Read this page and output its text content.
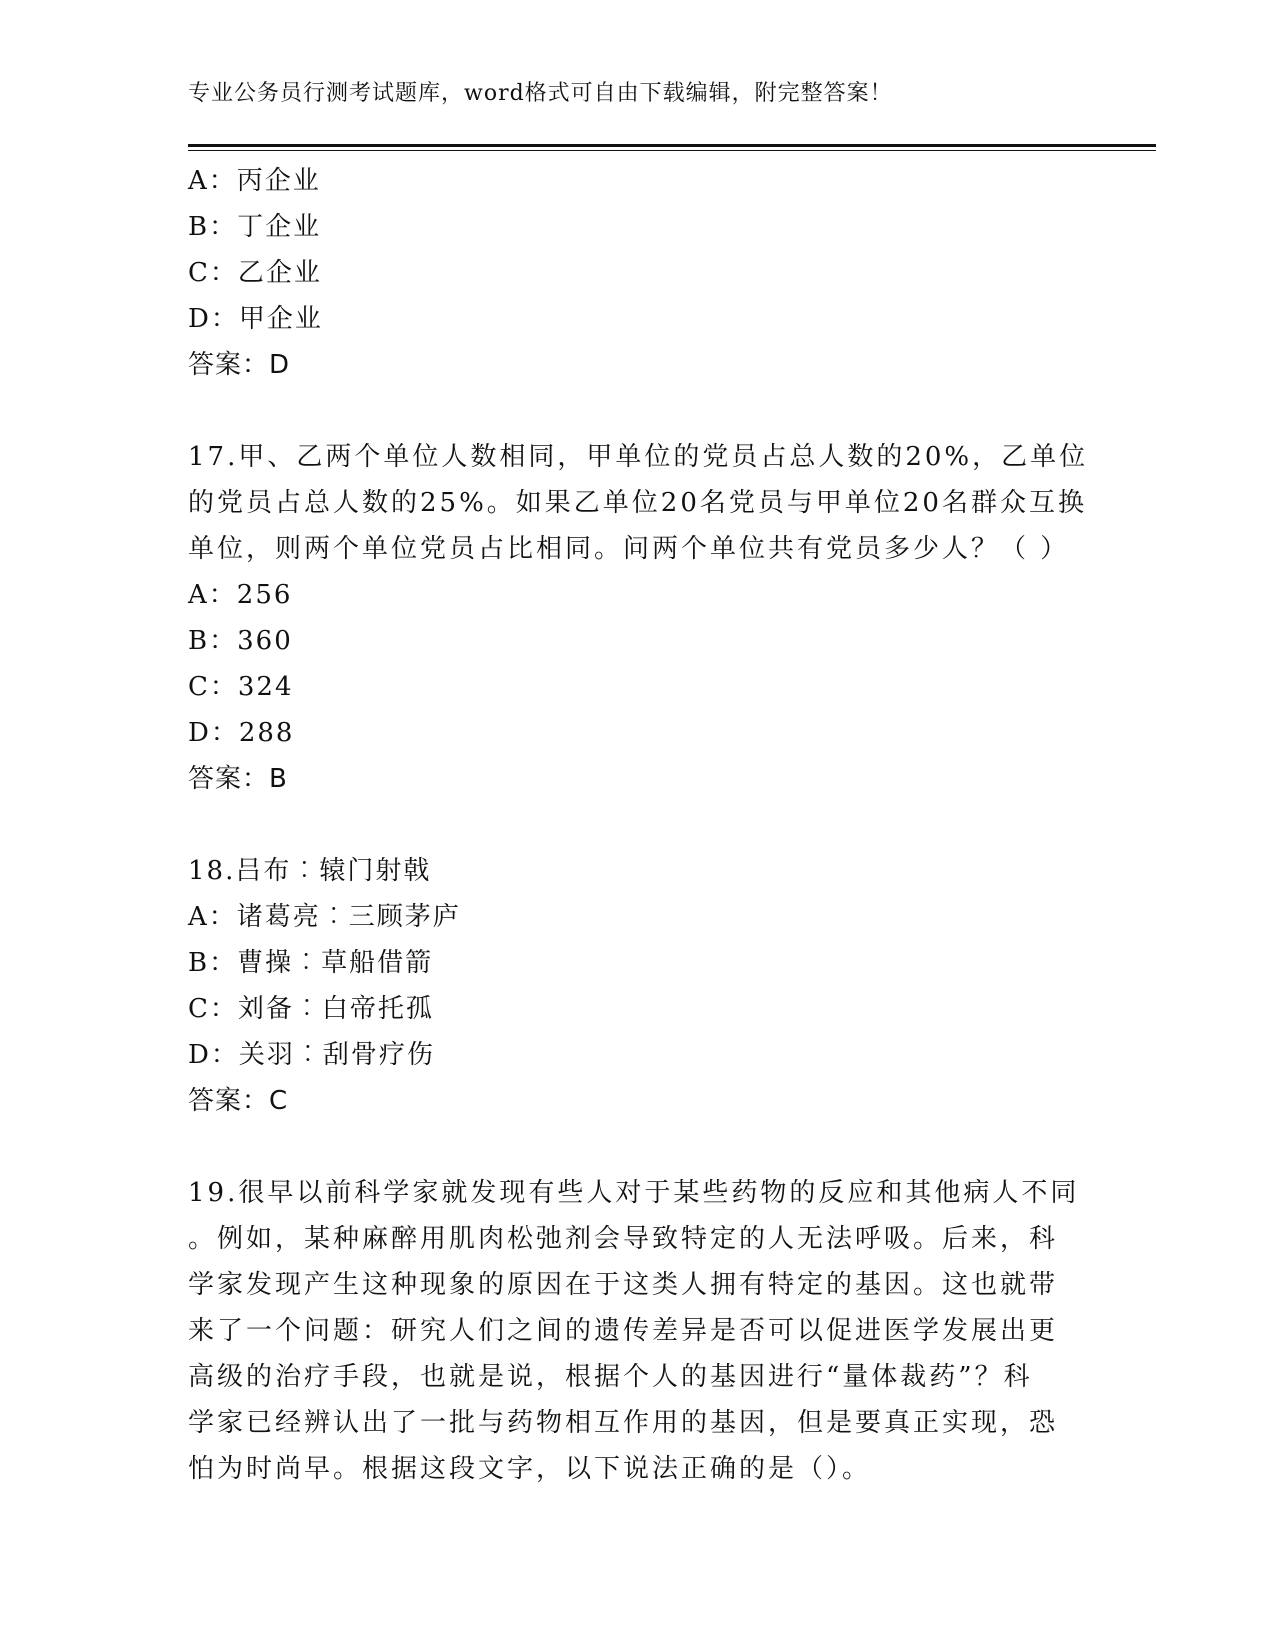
专业公务员行测考试题库，word格式可自由下载编辑，附完整答案！
A：丙企业
B：丁企业
C：乙企业
D：甲企业
答案：D
17.甲、乙两个单位人数相同，甲单位的党员占总人数的20%，乙单位
的党员占总人数的25%。如果乙单位20名党员与甲单位20名群众互换
单位，则两个单位党员占比相同。问两个单位共有党员多少人？（ ）
A：256
B：360
C：324
D：288
答案：B
18.吕布︰辕门射戟
A：诸葛亮︰三顾茅庐
B：曹操︰草船借箭
C：刘备︰白帝托孤
D：关羽︰刮骨疗伤
答案：C
19.很早以前科学家就发现有些人对于某些药物的反应和其他病人不同
。例如，某种麻醉用肌肉松弛剂会导致特定的人无法呼吸。后来，科
学家发现产生这种现象的原因在于这类人拥有特定的基因。这也就带
来了一个问题：研究人们之间的遗传差异是否可以促进医学发展出更
高级的治疗手段，也就是说，根据个人的基因进行“量体裁药”？科
学家已经辨认出了一批与药物相互作用的基因，但是要真正实现，恐
怕为时尚早。根据这段文字，以下说法正确的是（）。
